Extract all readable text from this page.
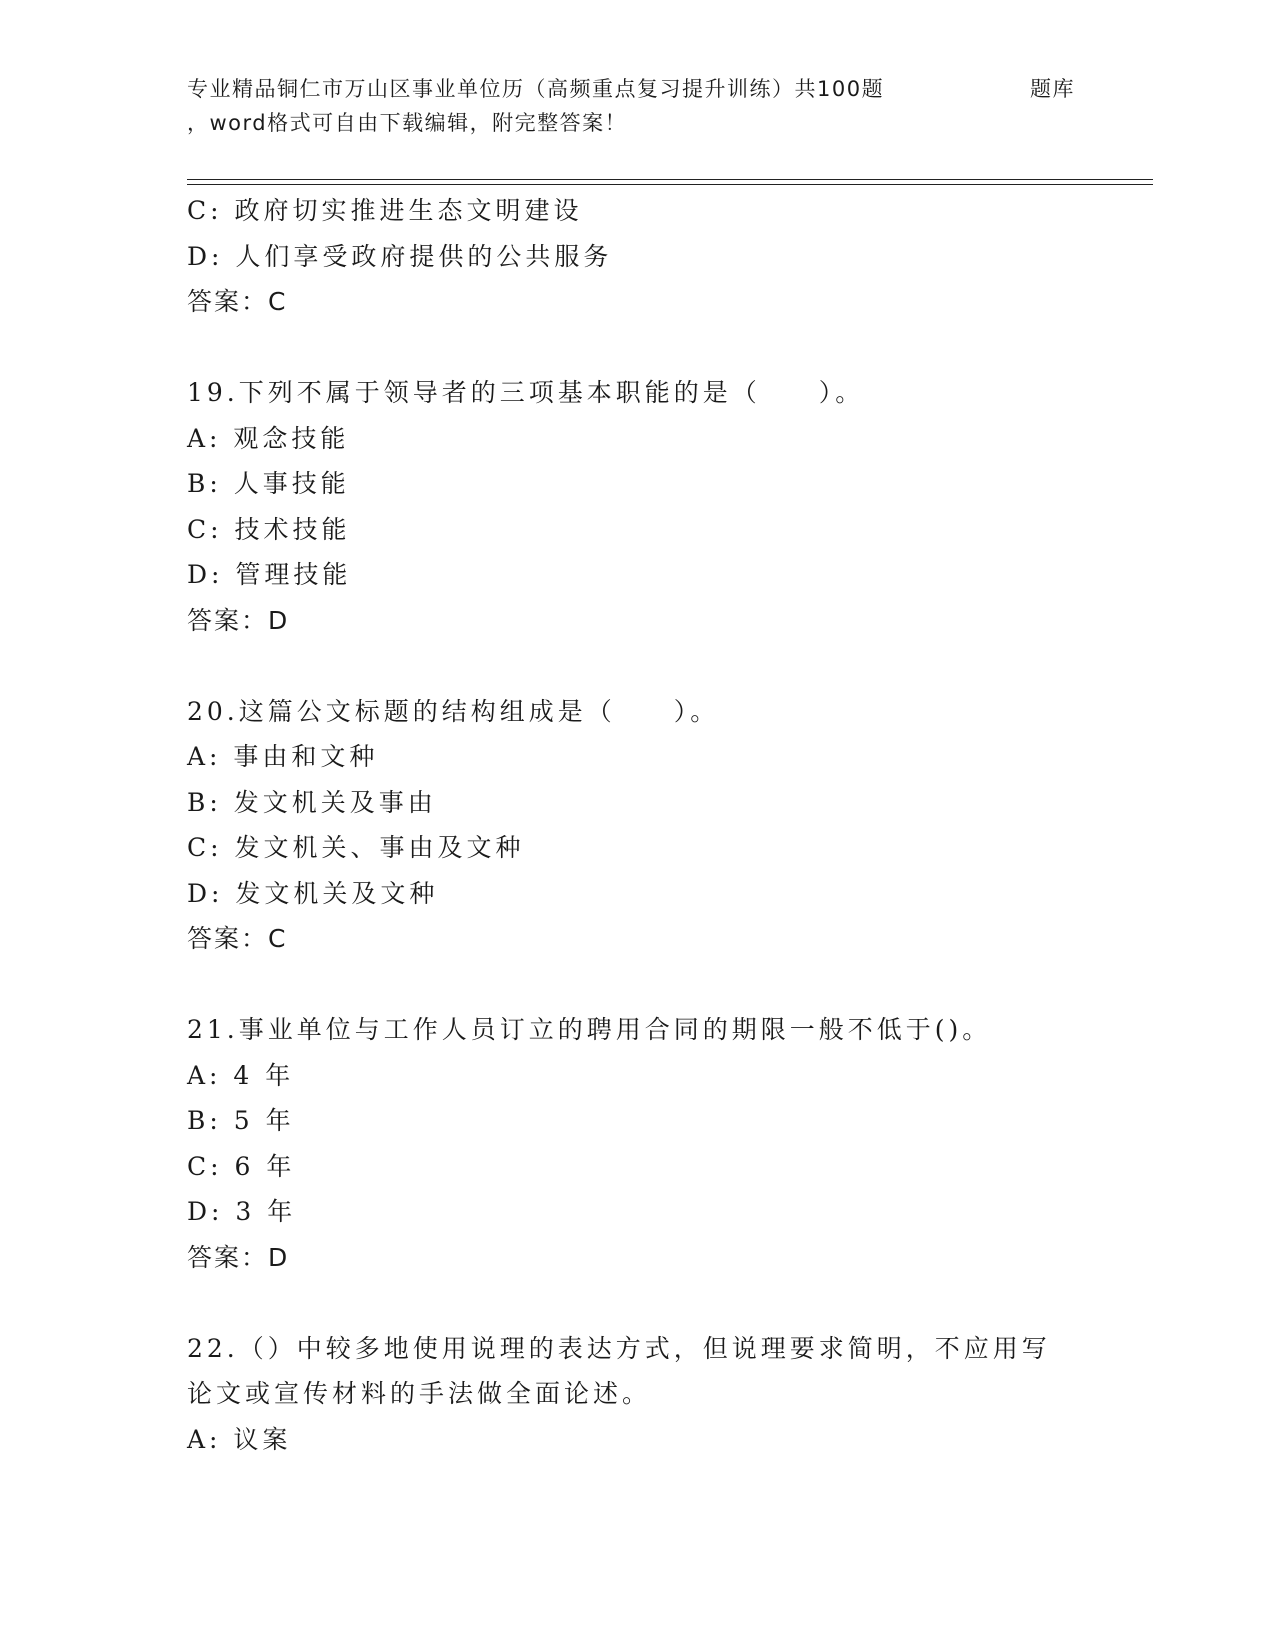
专业精品铜仁市万山区事业单位历（高频重点复习提升训练）共100题	题库
，word格式可自由下载编辑，附完整答案！
C: 政府切实推进生态文明建设
D: 人们享受政府提供的公共服务
答案：C
19.下列不属于领导者的三项基本职能的是（　　）。
A: 观念技能
B: 人事技能
C: 技术技能
D: 管理技能
答案：D
20.这篇公文标题的结构组成是（　　）。
A: 事由和文种
B: 发文机关及事由
C: 发文机关、事由及文种
D: 发文机关及文种
答案：C
21.事业单位与工作人员订立的聘用合同的期限一般不低于()。
A: 4 年
B: 5 年
C: 6 年
D: 3 年
答案：D
22.（）中较多地使用说理的表达方式，但说理要求简明，不应用写论文或宣传材料的手法做全面论述。
A: 议案
